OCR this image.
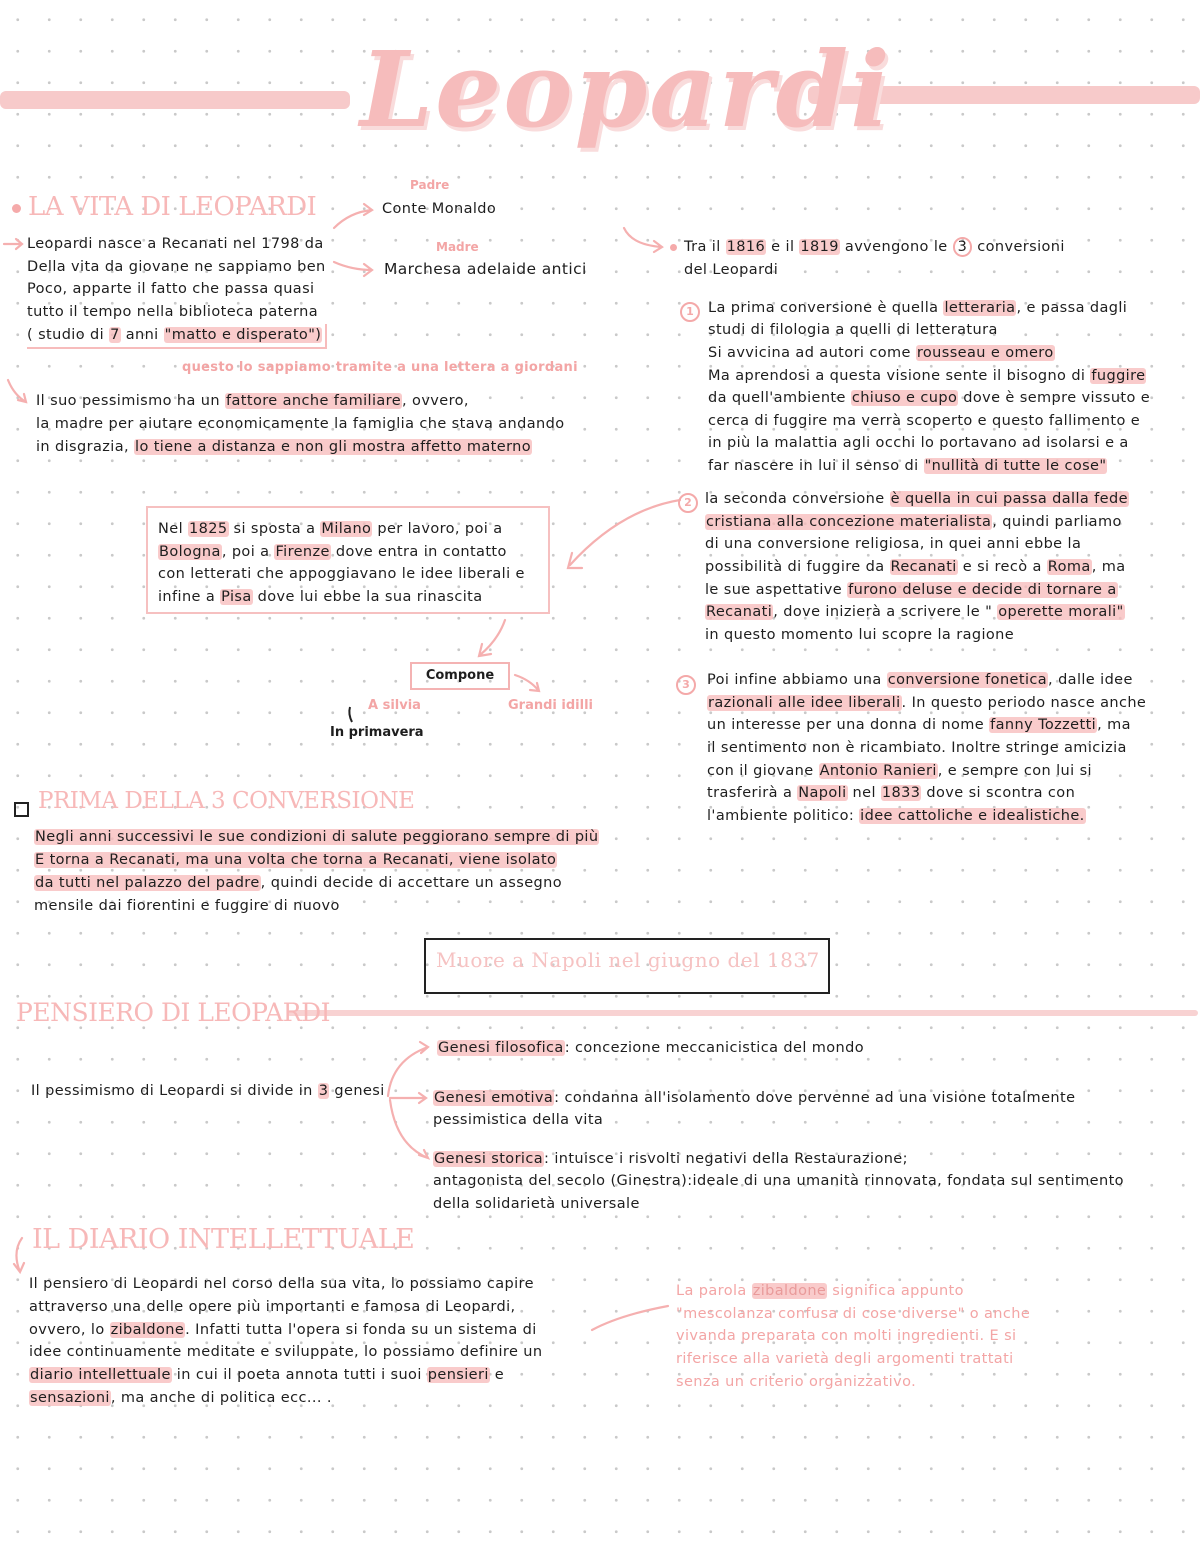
Leopardi
LA VITA DI LEOPARDI
Leopardi nasce a Recanati nel 1798 da
Della vita da giovane ne sappiamo ben
Poco, apparte il fatto che passa quasi
tutto il tempo nella biblioteca paterna
( studio di 7 anni "matto e disperato")
Padre
Conte Monaldo
Madre
Marchesa adelaide antici
questo lo sappiamo tramite a una lettera a giordani
Il suo pessimismo ha un fattore anche familiare, ovvero,
la madre per aiutare economicamente la famiglia che stava andando
in disgrazia, lo tiene a distanza e non gli mostra affetto materno
Nel 1825 si sposta a Milano per lavoro, poi a
Bologna, poi a Firenze dove entra in contatto
con letterati che appoggiavano le idee liberali e
infine a Pisa dove lui ebbe la sua rinascita
Compone
A silvia	Grandi idilli
In primavera
PRIMA DELLA 3 CONVERSIONE
Negli anni successivi le sue condizioni di salute peggiorano sempre di più
E torna a Recanati, ma una volta che torna a Recanati, viene isolato
da tutti nel palazzo del padre, quindi decide di accettare un assegno
mensile dai fiorentini e fuggire di nuovo
Tra il 1816 e il 1819 avvengono le 3 conversioni
del Leopardi
1 La prima conversione è quella letteraria, e passa dagli
studi di filologia a quelli di letteratura
Si avvicina ad autori come rousseau e omero
Ma aprendosi a questa visione sente il bisogno di fuggire
da quell'ambiente chiuso e cupo dove è sempre vissuto e
cerca di fuggire ma verrà scoperto e questo fallimento e
in più la malattia agli occhi lo portavano ad isolarsi e a
far nascere in lui il senso di "nullità di tutte le cose"
2 la seconda conversione è quella in cui passa dalla fede
cristiana alla concezione materialista, quindi parliamo
di una conversione religiosa, in quei anni ebbe la
possibilità di fuggire da Recanati e si recò a Roma, ma
le sue aspettative furono deluse e decide di tornare a
Recanati, dove inizierà a scrivere le " operette morali"
in questo momento lui scopre la ragione
3	Poi infine abbiamo una conversione fonetica, dalle idee
razionali alle idee liberali. In questo periodo nasce anche
un interesse per una donna di nome fanny Tozzetti, ma
il sentimento non è ricambiato. Inoltre stringe amicizia
con il giovane Antonio Ranieri, e sempre con lui si
trasferirà a Napoli nel 1833 dove si scontra con
l'ambiente politico: idee cattoliche e idealistiche.
Muore a Napoli nel giugno del 1837
PENSIERO DI LEOPARDI
Il pessimismo di Leopardi si divide in 3 genesi
Genesi filosofica: concezione meccanicistica del mondo
Genesi emotiva: condanna all'isolamento dove pervenne ad una visione totalmente
pessimistica della vita
Genesi storica: intuisce i risvolti negativi della Restaurazione;
antagonista del secolo (Ginestra):ideale di una umanità rinnovata, fondata sul sentimento
della solidarietà universale
IL DIARIO INTELLETTUALE
Il pensiero di Leopardi nel corso della sua vita, lo possiamo capire
attraverso una delle opere più importanti e famosa di Leopardi,
ovvero, lo zibaldone. Infatti tutta l'opera si fonda su un sistema di
idee continuamente meditate e sviluppate, lo possiamo definire un
diario intellettuale in cui il poeta annota tutti i suoi pensieri e
sensazioni, ma anche di politica ecc... .
La parola zibaldone significa appunto
"mescolanza confusa di cose diverse" o anche
vivanda preparata con molti ingredienti. E si
riferisce alla varietà degli argomenti trattati
senza un criterio organizzativo.
